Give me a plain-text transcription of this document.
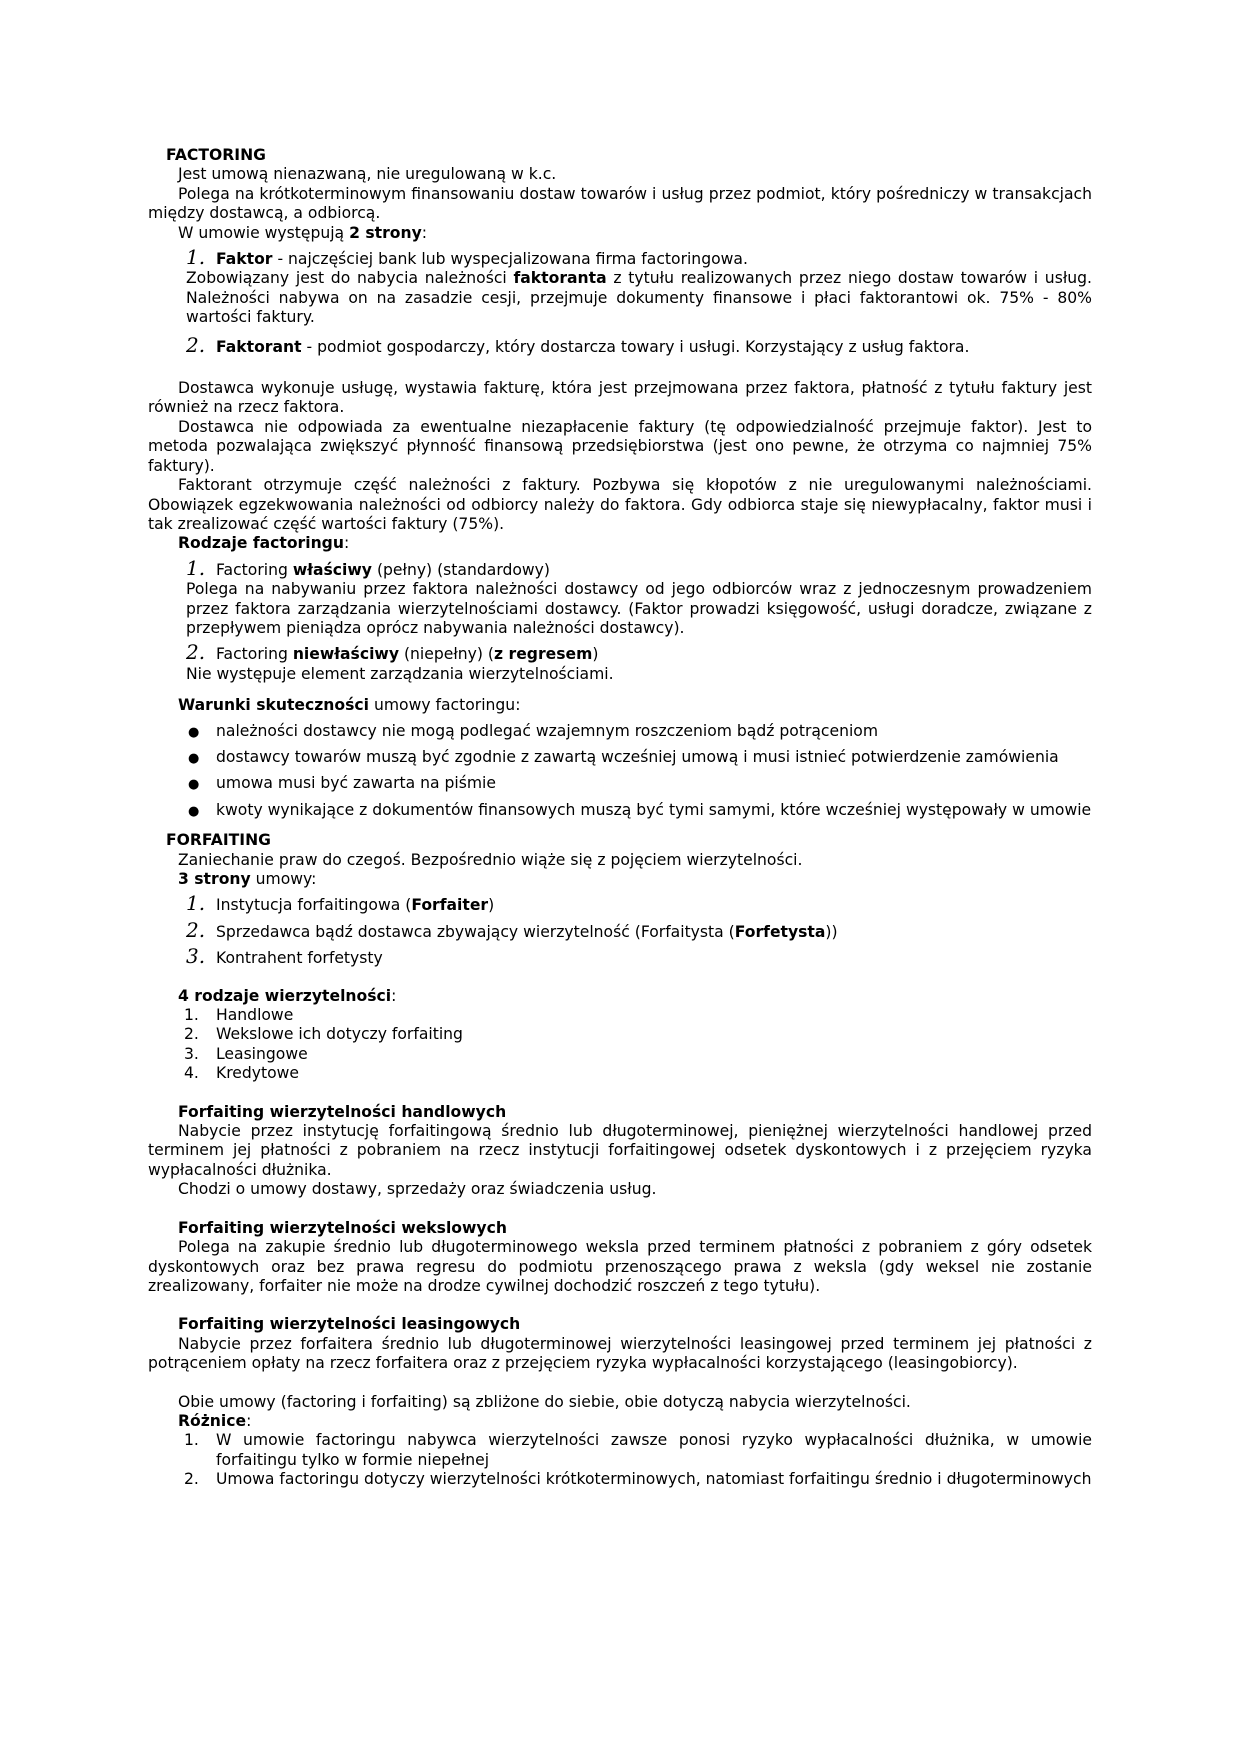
FACTORING

Jest umową nienazwaną, nie uregulowaną w k.c.

Polega na krótkoterminowym finansowaniu dostaw towarów i usług przez podmiot, który pośredniczy w transakcjach między dostawcą, a odbiorcą.

W umowie występują 2 strony:

1. Faktor - najczęściej bank lub wyspecjalizowana firma factoringowa.

Zobowiązany jest do nabycia należności faktoranta z tytułu realizowanych przez niego dostaw towarów i usług. Należności nabywa on na zasadzie cesji, przejmuje dokumenty finansowe i płaci faktorantowi ok. 75% - 80% wartości faktury.

2. Faktorant - podmiot gospodarczy, który dostarcza towary i usługi. Korzystający z usług faktora.

Dostawca wykonuje usługę, wystawia fakturę, która jest przejmowana przez faktora, płatność z tytułu faktury jest również na rzecz faktora.

Dostawca nie odpowiada za ewentualne niezapłacenie faktury (tę odpowiedzialność przejmuje faktor). Jest to metoda pozwalająca zwiększyć płynność finansową przedsiębiorstwa (jest ono pewne, że otrzyma co najmniej 75% faktury).

Faktorant otrzymuje część należności z faktury. Pozbywa się kłopotów z nie uregulowanymi należnościami. Obowiązek egzekwowania należności od odbiorcy należy do faktora. Gdy odbiorca staje się niewypłacalny, faktor musi i tak zrealizować część wartości faktury (75%).

Rodzaje factoringu:

1. Factoring właściwy (pełny) (standardowy)

Polega na nabywaniu przez faktora należności dostawcy od jego odbiorców wraz z jednoczesnym prowadzeniem przez faktora zarządzania wierzytelnościami dostawcy. (Faktor prowadzi księgowość, usługi doradcze, związane z przepływem pieniądza oprócz nabywania należności dostawcy).

2. Factoring niewłaściwy (niepełny) (z regresem)

Nie występuje element zarządzania wierzytelnościami.

Warunki skuteczności umowy factoringu:

●	należności dostawcy nie mogą podlegać wzajemnym roszczeniom bądź potrąceniom
●	dostawcy towarów muszą być zgodnie z zawartą wcześniej umową i musi istnieć potwierdzenie zamówienia
●	umowa musi być zawarta na piśmie
●	kwoty wynikające z dokumentów finansowych muszą być tymi samymi, które wcześniej występowały w umowie

FORFAITING

Zaniechanie praw do czegoś. Bezpośrednio wiąże się z pojęciem wierzytelności.

3 strony umowy:

1. Instytucja forfaitingowa (Forfaiter)
2. Sprzedawca bądź dostawca zbywający wierzytelność (Forfaitysta (Forfetysta))
3. Kontrahent forfetysty

4 rodzaje wierzytelności:

1.	Handlowe
2.	Wekslowe ich dotyczy forfaiting
3.	Leasingowe
4.	Kredytowe

Forfaiting wierzytelności handlowych

Nabycie przez instytucję forfaitingową średnio lub długoterminowej, pieniężnej wierzytelności handlowej przed terminem jej płatności z pobraniem na rzecz instytucji forfaitingowej odsetek dyskontowych i z przejęciem ryzyka wypłacalności dłużnika.

Chodzi o umowy dostawy, sprzedaży oraz świadczenia usług.

Forfaiting wierzytelności wekslowych

Polega na zakupie średnio lub długoterminowego weksla przed terminem płatności z pobraniem z góry odsetek dyskontowych oraz bez prawa regresu do podmiotu przenoszącego prawa z weksla (gdy weksel nie zostanie zrealizowany, forfaiter nie może na drodze cywilnej dochodzić roszczeń z tego tytułu).

Forfaiting wierzytelności leasingowych

Nabycie przez forfaitera średnio lub długoterminowej wierzytelności leasingowej przed terminem jej płatności z potrąceniem opłaty na rzecz forfaitera oraz z przejęciem ryzyka wypłacalności korzystającego (leasingobiorcy).

Obie umowy (factoring i forfaiting) są zbliżone do siebie, obie dotyczą nabycia wierzytelności.

Różnice:

1.	W umowie factoringu nabywca wierzytelności zawsze ponosi ryzyko wypłacalności dłużnika, w umowie forfaitingu tylko w formie niepełnej
2.	Umowa factoringu dotyczy wierzytelności krótkoterminowych, natomiast forfaitingu średnio i długoterminowych
